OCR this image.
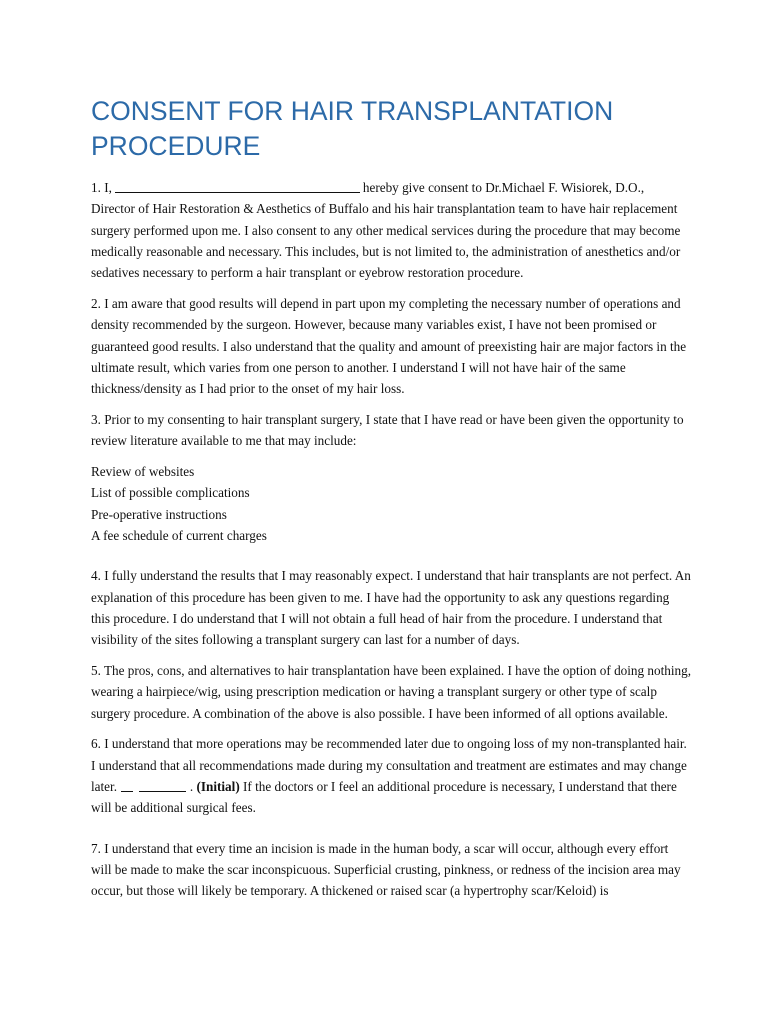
CONSENT FOR HAIR TRANSPLANTATION PROCEDURE

1. I,	hereby give consent to Dr.Michael F. Wisiorek, D.O., Director of Hair Restoration & Aesthetics of Buffalo and his hair transplantation team to have hair replacement surgery performed upon me. I also consent to any other medical services during the procedure that may become medically reasonable and necessary. This includes, but is not limited to, the administration of anesthetics and/or sedatives necessary to perform a hair transplant or eyebrow restoration procedure.

2. I am aware that good results will depend in part upon my completing the necessary number of operations and density recommended by the surgeon. However, because many variables exist, I have not been promised or guaranteed good results. I also understand that the quality and amount of preexisting hair are major factors in the ultimate result, which varies from one person to another. I understand I will not have hair of the same thickness/density as I had prior to the onset of my hair loss.

3. Prior to my consenting to hair transplant surgery, I state that I have read or have been given the opportunity to review literature available to me that may include:

Review of websites
List of possible complications
Pre-operative instructions
A fee schedule of current charges

4. I fully understand the results that I may reasonably expect. I understand that hair transplants are not perfect. An explanation of this procedure has been given to me. I have had the opportunity to ask any questions regarding this procedure. I do understand that I will not obtain a full head of hair from the procedure. I understand that visibility of the sites following a transplant surgery can last for a number of days.

5. The pros, cons, and alternatives to hair transplantation have been explained. I have the option of doing nothing, wearing a hairpiece/wig, using prescription medication or having a transplant surgery or other type of scalp surgery procedure. A combination of the above is also possible. I have been informed of all options available.

6. I understand that more operations may be recommended later due to ongoing loss of my non-transplanted hair. I understand that all recommendations made during my consultation and treatment are estimates and may change later.	. (Initial) If the doctors or I feel an additional procedure is necessary, I understand that there will be additional surgical fees.

7. I understand that every time an incision is made in the human body, a scar will occur, although every effort will be made to make the scar inconspicuous. Superficial crusting, pinkness, or redness of the incision area may occur, but those will likely be temporary. A thickened or raised scar (a hypertrophy scar/Keloid) is
